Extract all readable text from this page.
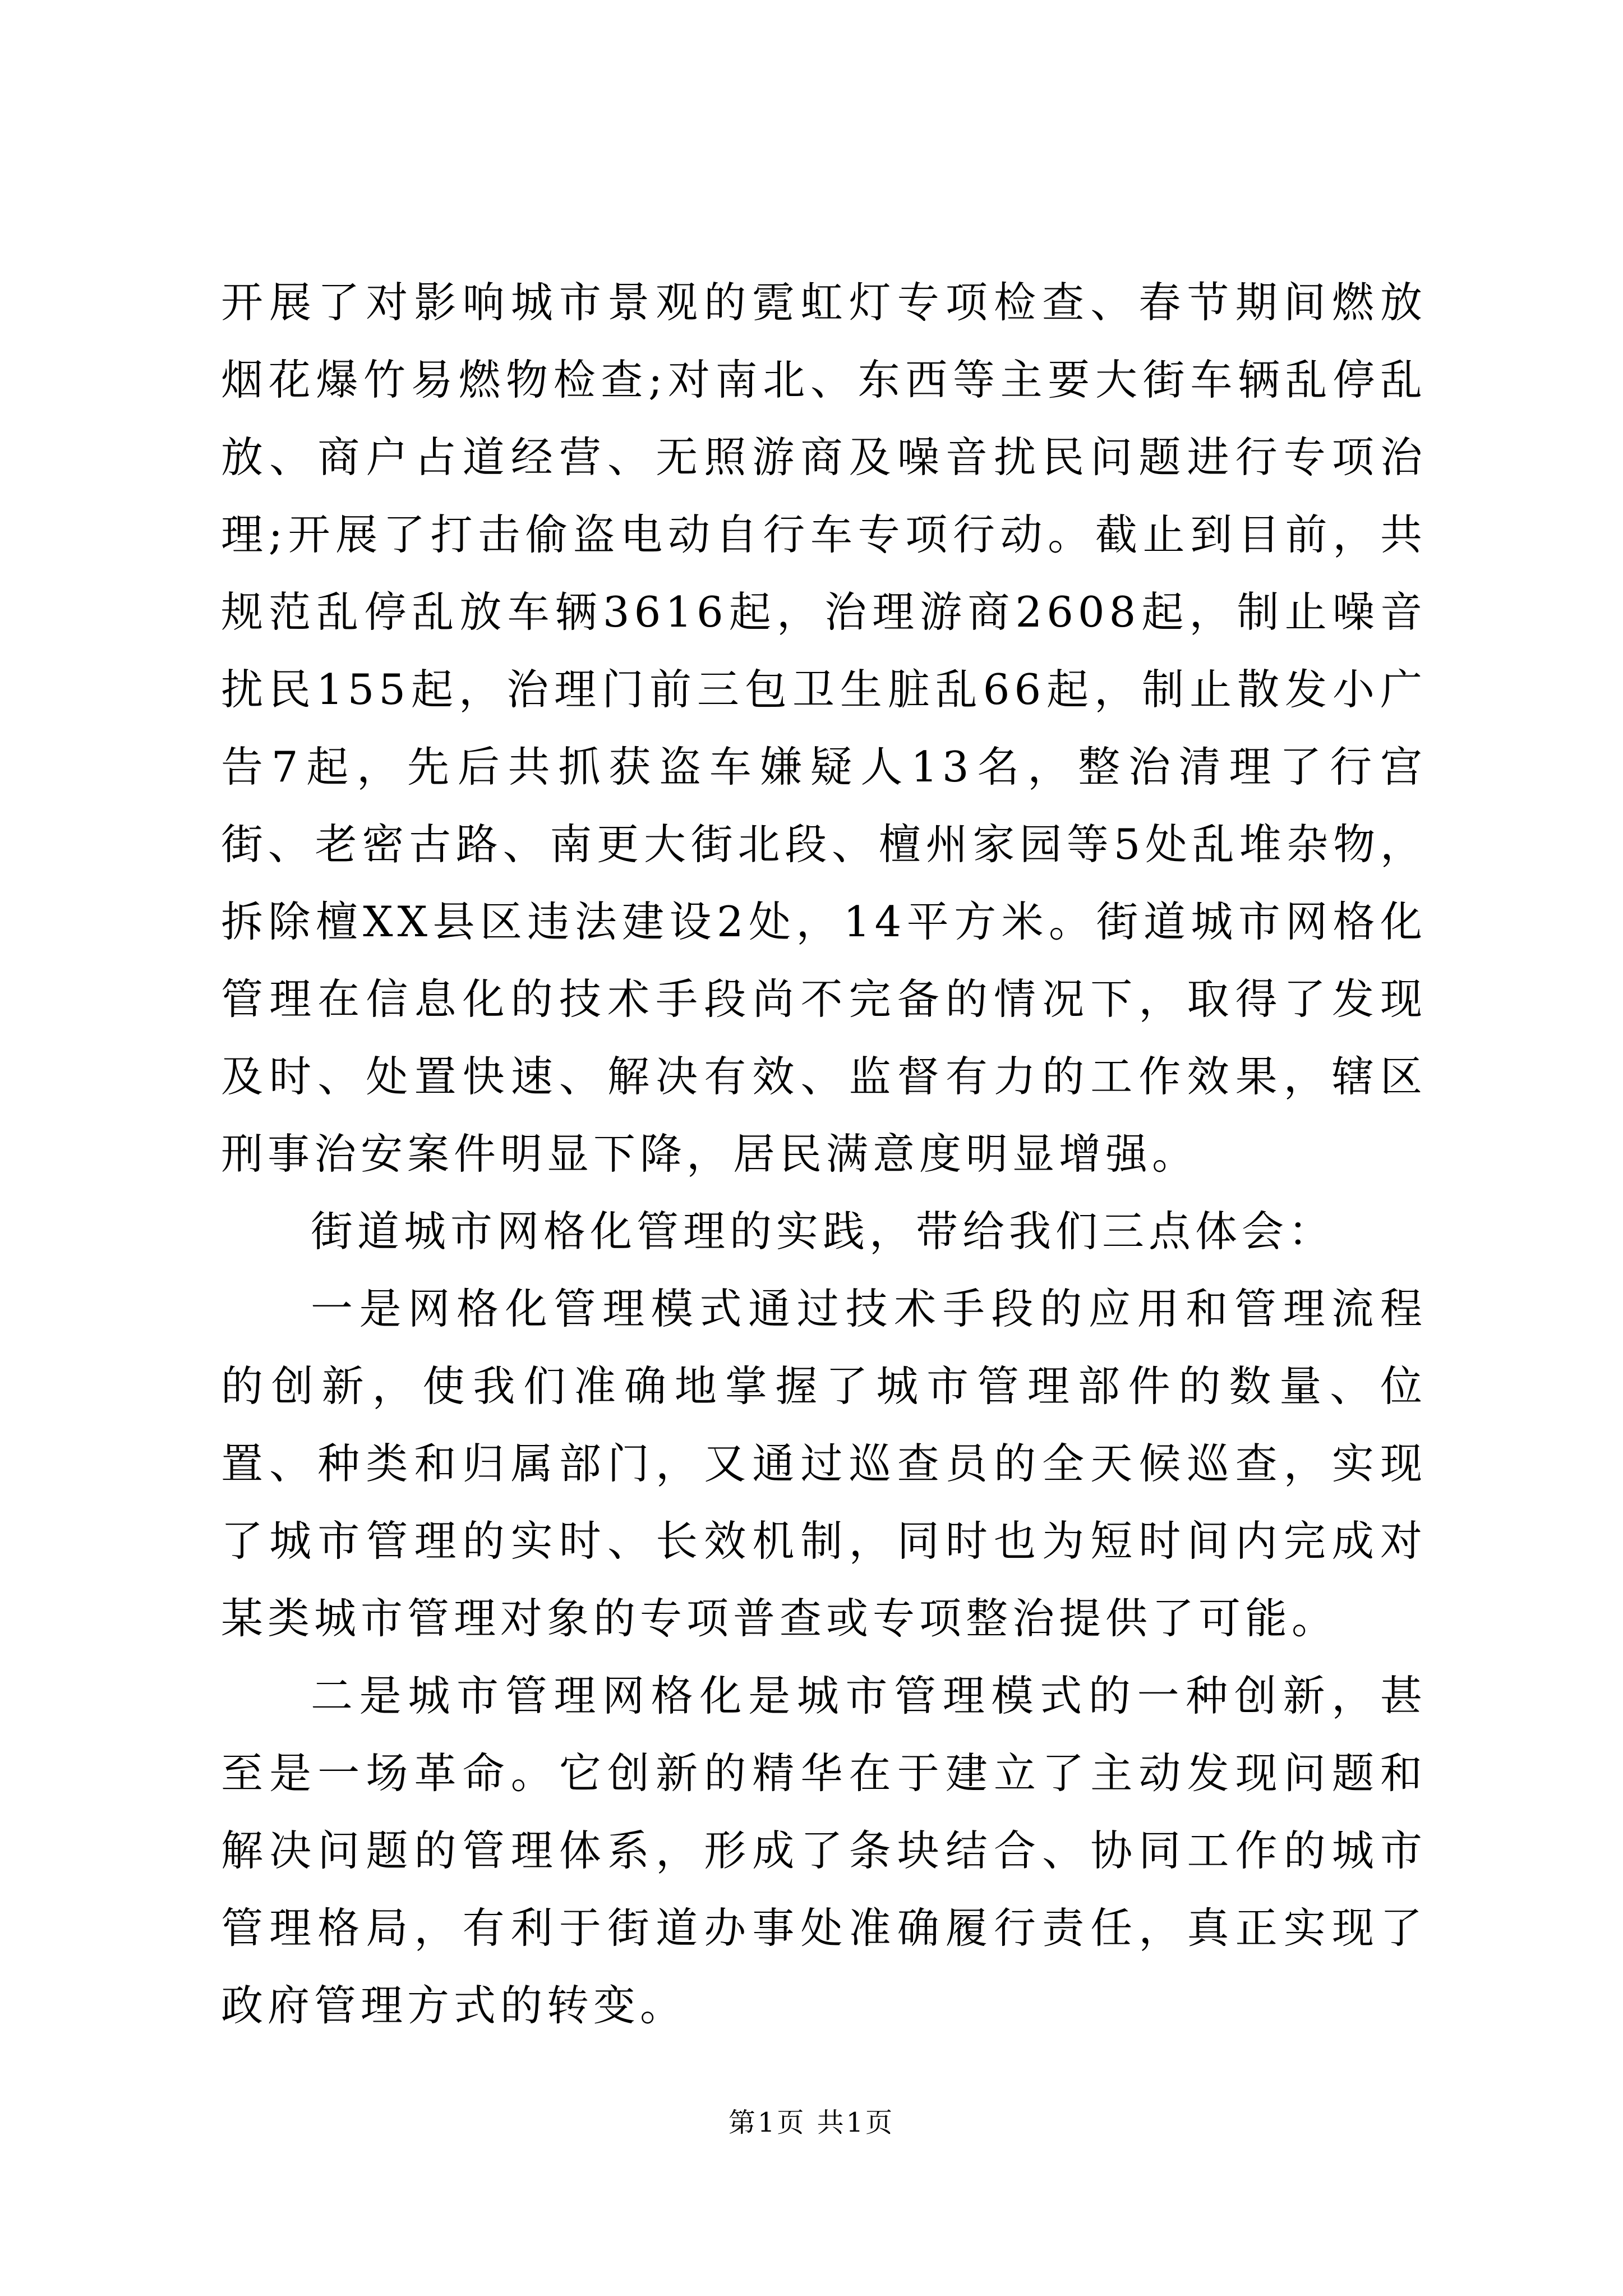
开展了对影响城市景观的霓虹灯专项检查、春节期间燃放烟花爆竹易燃物检查;对南北、东西等主要大街车辆乱停乱放、商户占道经营、无照游商及噪音扰民问题进行专项治理;开展了打击偷盗电动自行车专项行动。截止到目前，共规范乱停乱放车辆3616起，治理游商2608起，制止噪音扰民155起，治理门前三包卫生脏乱66起，制止散发小广告7起，先后共抓获盗车嫌疑人13名，整治清理了行宫街、老密古路、南更大街北段、檀州家园等5处乱堆杂物，拆除檀XX县区违法建设2处，14平方米。街道城市网格化管理在信息化的技术手段尚不完备的情况下，取得了发现及时、处置快速、解决有效、监督有力的工作效果，辖区刑事治安案件明显下降，居民满意度明显增强。

街道城市网格化管理的实践，带给我们三点体会：

一是网格化管理模式通过技术手段的应用和管理流程的创新，使我们准确地掌握了城市管理部件的数量、位置、种类和归属部门，又通过巡查员的全天候巡查，实现了城市管理的实时、长效机制，同时也为短时间内完成对某类城市管理对象的专项普查或专项整治提供了可能。

二是城市管理网格化是城市管理模式的一种创新，甚至是一场革命。它创新的精华在于建立了主动发现问题和解决问题的管理体系，形成了条块结合、协同工作的城市管理格局，有利于街道办事处准确履行责任，真正实现了政府管理方式的转变。

第1页 共1页
